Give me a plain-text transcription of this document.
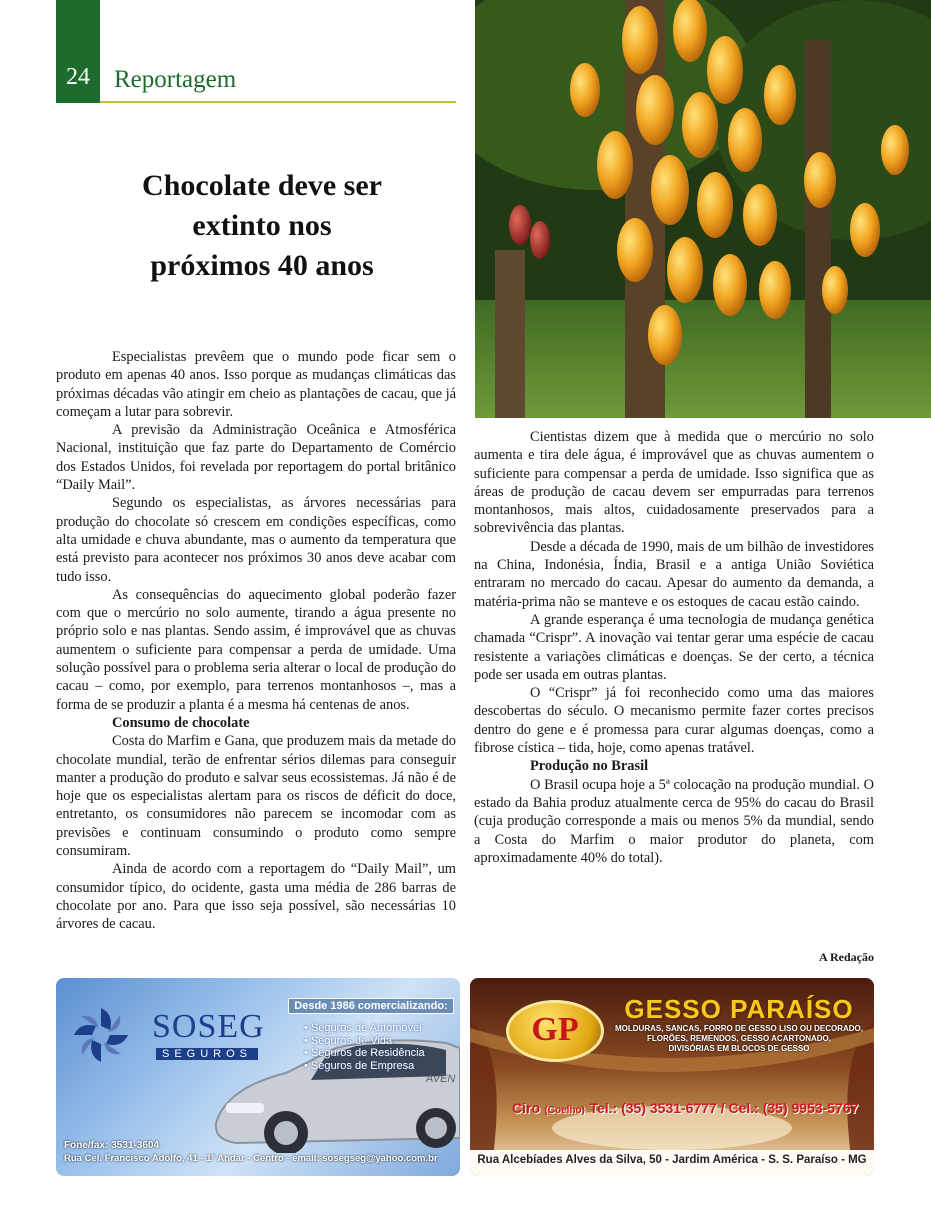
24 Reportagem
Chocolate deve ser
extinto nos
próximos 40 anos

Especialistas prevêem que o mundo pode ficar sem o produto em apenas 40 anos. Isso porque as mudanças climáticas das próximas décadas vão atingir em cheio as plantações de cacau, que já começam a lutar para sobrevir.

A previsão da Administração Oceânica e Atmosférica Nacional, instituição que faz parte do Departamento de Comércio dos Estados Unidos, foi revelada por reportagem do portal britânico “Daily Mail”.

Segundo os especialistas, as árvores necessárias para produção do chocolate só crescem em condições específicas, como alta umidade e chuva abundante, mas o aumento da temperatura que está previsto para acontecer nos próximos 30 anos deve acabar com tudo isso.

As consequências do aquecimento global poderão fazer com que o mercúrio no solo aumente, tirando a água presente no próprio solo e nas plantas. Sendo assim, é improvável que as chuvas aumentem o suficiente para compensar a perda de umidade. Uma solução possível para o problema seria alterar o local de produção do cacau – como, por exemplo, para terrenos montanhosos –, mas a forma de se produzir a planta é a mesma há centenas de anos.

Consumo de chocolate

Costa do Marfim e Gana, que produzem mais da metade do chocolate mundial, terão de enfrentar sérios dilemas para conseguir manter a produção do produto e salvar seus ecossistemas. Já não é de hoje que os especialistas alertam para os riscos de déficit do doce, entretanto, os consumidores não parecem se incomodar com as previsões e continuam consumindo o produto como sempre consumiram.

Ainda de acordo com a reportagem do “Daily Mail”, um consumidor típico, do ocidente, gasta uma média de 286 barras de chocolate por ano. Para que isso seja possível, são necessárias 10 árvores de cacau.

Cientistas dizem que à medida que o mercúrio no solo aumenta e tira dele água, é improvável que as chuvas aumentem o suficiente para compensar a perda de umidade. Isso significa que as áreas de produção de cacau devem ser empurradas para terrenos montanhosos, mais altos, cuidadosamente preservados para a sobrevivência das plantas.

Desde a década de 1990, mais de um bilhão de investidores na China, Indonésia, Índia, Brasil e a antiga União Soviética entraram no mercado do cacau. Apesar do aumento da demanda, a matéria-prima não se manteve e os estoques de cacau estão caindo.

A grande esperança é uma tecnologia de mudança genética chamada “Crispr”. A inovação vai tentar gerar uma espécie de cacau resistente a variações climáticas e doenças. Se der certo, a técnica pode ser usada em outras plantas.

O “Crispr” já foi reconhecido como uma das maiores descobertas do século. O mecanismo permite fazer cortes precisos dentro do gene e é promessa para curar algumas doenças, como a fibrose cística – tida, hoje, como apenas tratável.

Produção no Brasil

O Brasil ocupa hoje a 5ª colocação na produção mundial. O estado da Bahia produz atualmente cerca de 95% do cacau do Brasil (cuja produção corresponde a mais ou menos 5% da mundial, sendo a Costa do Marfim o maior produtor do planeta, com aproximadamente 40% do total).

A Redação
AVEN
SOSEG
SEGUROS
Desde 1986 comercializando:
• Seguros de Automóvel
• Seguros de Vida
• Seguros de Residência
• Seguros de Empresa
Fone/fax: 3531-3604
Rua Cel. Francisco Adolfo, 41 - 1º Andar - Centro - email: sosegseg@yahoo.com.br
GP
GESSO PARAÍSO
MOLDURAS, SANCAS, FORRO DE GESSO LISO OU DECORADO,
FLORÕES, REMENDOS, GESSO ACARTONADO,
DIVISÓRIAS EM BLOCOS DE GESSO
Ciro (Coelho) Tel.: (35) 3531-6777 / Cel.: (35) 9953-5767
Rua Alcebíades Alves da Silva, 50 - Jardim América - S. S. Paraíso - MG
